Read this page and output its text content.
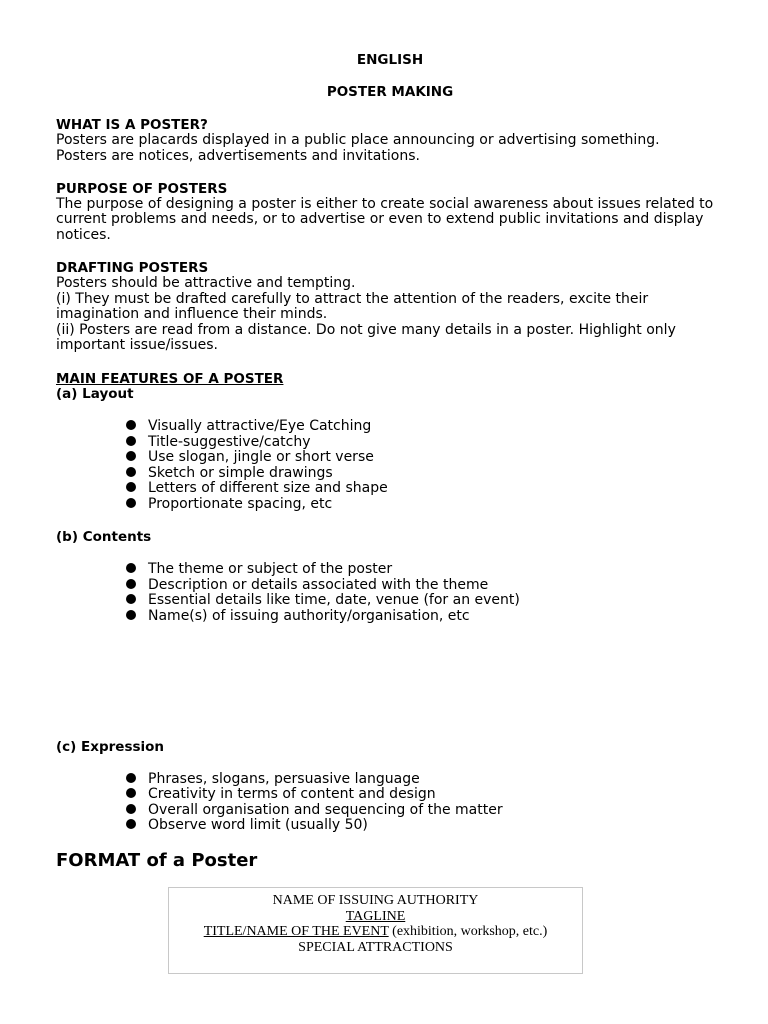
ENGLISH
POSTER MAKING
WHAT IS A POSTER?
Posters are placards displayed in a public place announcing or advertising something.
Posters are notices, advertisements and invitations.
PURPOSE OF POSTERS
The purpose of designing a poster is either to create social awareness about issues related to
current problems and needs, or to advertise or even to extend public invitations and display
notices.
DRAFTING POSTERS
Posters should be attractive and tempting.
(i) They must be drafted carefully to attract the attention of the readers, excite their
imagination and influence their minds.
(ii) Posters are read from a distance. Do not give many details in a poster. Highlight only
important issue/issues.
MAIN FEATURES OF A POSTER
(a) Layout
Visually attractive/Eye Catching
Title-suggestive/catchy
Use slogan, jingle or short verse
Sketch or simple drawings
Letters of different size and shape
Proportionate spacing, etc
(b) Contents
The theme or subject of the poster
Description or details associated with the theme
Essential details like time, date, venue (for an event)
Name(s) of issuing authority/organisation, etc
(c) Expression
Phrases, slogans, persuasive language
Creativity in terms of content and design
Overall organisation and sequencing of the matter
Observe word limit (usually 50)
FORMAT of a Poster
NAME OF ISSUING AUTHORITY
TAGLINE
TITLE/NAME OF THE EVENT (exhibition, workshop, etc.)
SPECIAL ATTRACTIONS
